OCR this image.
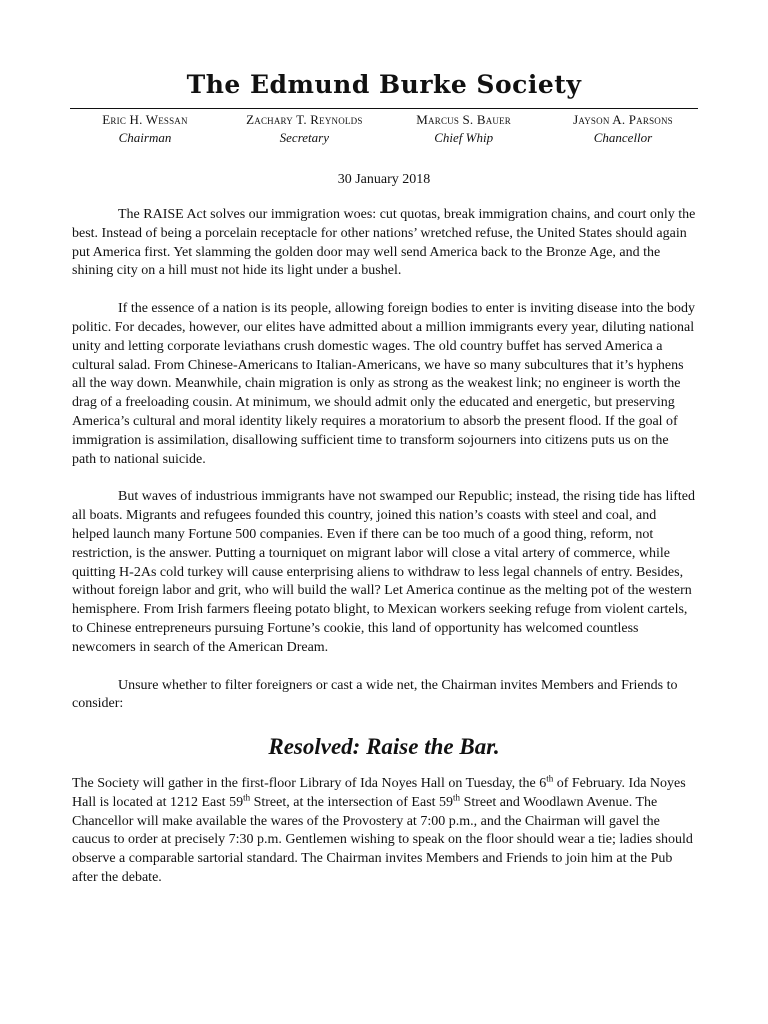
The Edmund Burke Society
Eric H. Wessan
Chairman
Zachary T. Reynolds
Secretary
Marcus S. Bauer
Chief Whip
Jayson A. Parsons
Chancellor
30 January 2018

The RAISE Act solves our immigration woes: cut quotas, break immigration chains, and court only the best. Instead of being a porcelain receptacle for other nations’ wretched refuse, the United States should again put America first. Yet slamming the golden door may well send America back to the Bronze Age, and the shining city on a hill must not hide its light under a bushel.

If the essence of a nation is its people, allowing foreign bodies to enter is inviting disease into the body politic. For decades, however, our elites have admitted about a million immigrants every year, diluting national unity and letting corporate leviathans crush domestic wages. The old country buffet has served America a cultural salad. From Chinese-Americans to Italian-Americans, we have so many subcultures that it’s hyphens all the way down. Meanwhile, chain migration is only as strong as the weakest link; no engineer is worth the drag of a freeloading cousin. At minimum, we should admit only the educated and energetic, but preserving America’s cultural and moral identity likely requires a moratorium to absorb the present flood. If the goal of immigration is assimilation, disallowing sufficient time to transform sojourners into citizens puts us on the path to national suicide.

But waves of industrious immigrants have not swamped our Republic; instead, the rising tide has lifted all boats. Migrants and refugees founded this country, joined this nation’s coasts with steel and coal, and helped launch many Fortune 500 companies. Even if there can be too much of a good thing, reform, not restriction, is the answer. Putting a tourniquet on migrant labor will close a vital artery of commerce, while quitting H-2As cold turkey will cause enterprising aliens to withdraw to less legal channels of entry. Besides, without foreign labor and grit, who will build the wall? Let America continue as the melting pot of the western hemisphere. From Irish farmers fleeing potato blight, to Mexican workers seeking refuge from violent cartels, to Chinese entrepreneurs pursuing Fortune’s cookie, this land of opportunity has welcomed countless newcomers in search of the American Dream.

Unsure whether to filter foreigners or cast a wide net, the Chairman invites Members and Friends to consider:

Resolved: Raise the Bar.

The Society will gather in the first-floor Library of Ida Noyes Hall on Tuesday, the 6th of February. Ida Noyes Hall is located at 1212 East 59th Street, at the intersection of East 59th Street and Woodlawn Avenue. The Chancellor will make available the wares of the Provostery at 7:00 p.m., and the Chairman will gavel the caucus to order at precisely 7:30 p.m. Gentlemen wishing to speak on the floor should wear a tie; ladies should observe a comparable sartorial standard. The Chairman invites Members and Friends to join him at the Pub after the debate.
